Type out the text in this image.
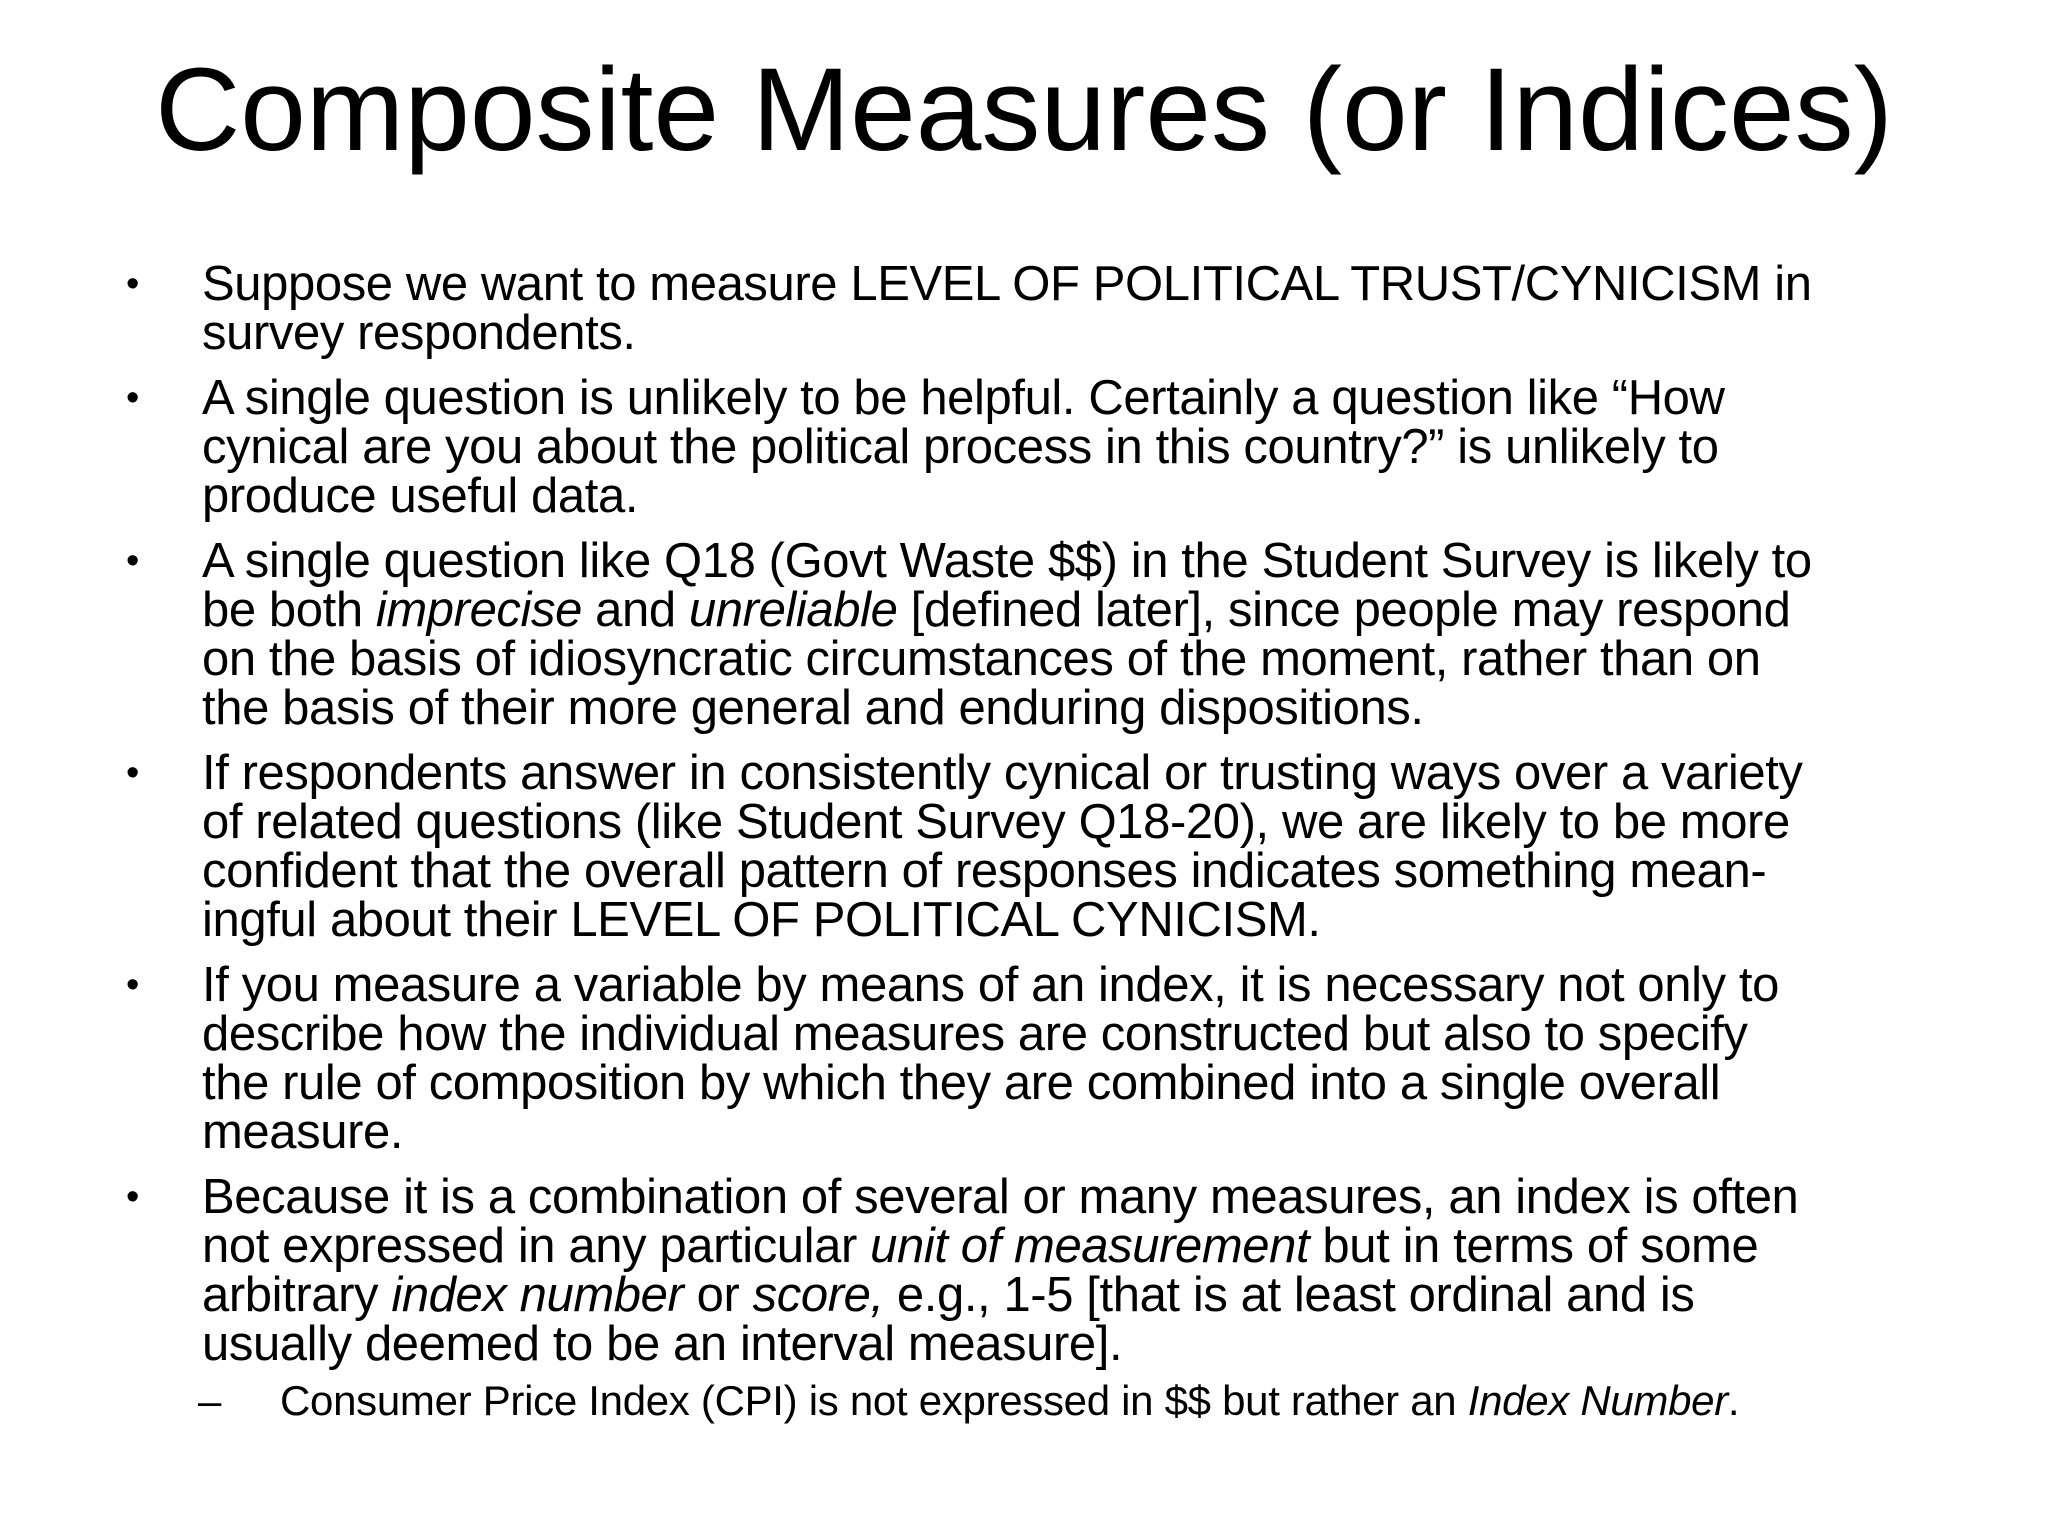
Composite Measures (or Indices)
• Suppose we want to measure LEVEL OF POLITICAL TRUST/CYNICISM in
survey respondents.
• A single question is unlikely to be helpful. Certainly a question like “How
cynical are you about the political process in this country?” is unlikely to
produce useful data.
• A single question like Q18 (Govt Waste $$) in the Student Survey is likely to
be both imprecise and unreliable [defined later], since people may respond
on the basis of idiosyncratic circumstances of the moment, rather than on
the basis of their more general and enduring dispositions.
• If respondents answer in consistently cynical or trusting ways over a variety
of related questions (like Student Survey Q18-20), we are likely to be more
confident that the overall pattern of responses indicates something mean-
ingful about their LEVEL OF POLITICAL CYNICISM.
• If you measure a variable by means of an index, it is necessary not only to
describe how the individual measures are constructed but also to specify
the rule of composition by which they are combined into a single overall
measure.
• Because it is a combination of several or many measures, an index is often
not expressed in any particular unit of measurement but in terms of some
arbitrary index number or score, e.g., 1-5 [that is at least ordinal and is
usually deemed to be an interval measure].
– Consumer Price Index (CPI) is not expressed in $$ but rather an Index Number.
